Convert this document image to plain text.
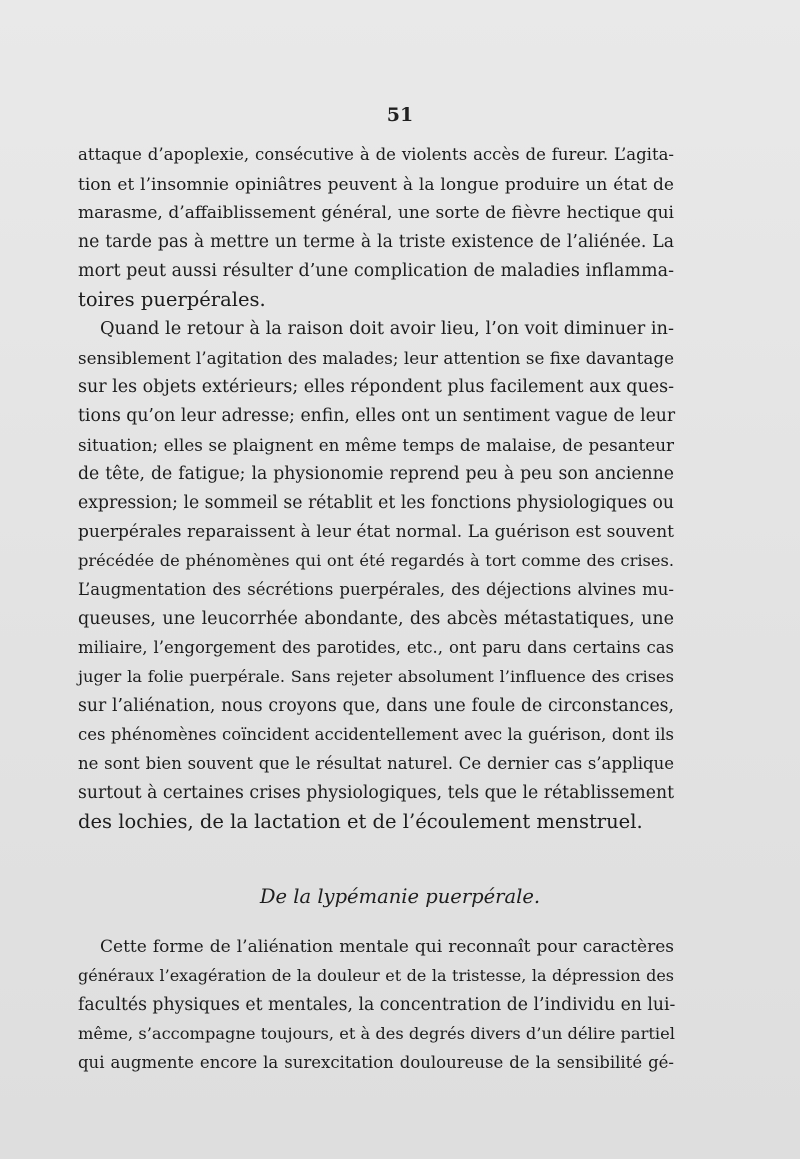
51
attaque d’apoplexie, consécutive à de violents accès de fureur. L’agita-
tion et l’insomnie opiniâtres peuvent à la longue produire un état de
marasme, d’affaiblissement général, une sorte de fièvre hectique qui
ne tarde pas à mettre un terme à la triste existence de l’aliénée. La
mort peut aussi résulter d’une complication de maladies inflamma-
toires puerpérales.
Quand le retour à la raison doit avoir lieu, l’on voit diminuer in-
sensiblement l’agitation des malades; leur attention se fixe davantage
sur les objets extérieurs; elles répondent plus facilement aux ques-
tions qu’on leur adresse; enfin, elles ont un sentiment vague de leur
situation; elles se plaignent en même temps de malaise, de pesanteur
de tête, de fatigue; la physionomie reprend peu à peu son ancienne
expression; le sommeil se rétablit et les fonctions physiologiques ou
puerpérales reparaissent à leur état normal. La guérison est souvent
précédée de phénomènes qui ont été regardés à tort comme des crises.
L’augmentation des sécrétions puerpérales, des déjections alvines mu-
queuses, une leucorrhée abondante, des abcès métastatiques, une
miliaire, l’engorgement des parotides, etc., ont paru dans certains cas
juger la folie puerpérale. Sans rejeter absolument l’influence des crises
sur l’aliénation, nous croyons que, dans une foule de circonstances,
ces phénomènes coïncident accidentellement avec la guérison, dont ils
ne sont bien souvent que le résultat naturel. Ce dernier cas s’applique
surtout à certaines crises physiologiques, tels que le rétablissement
des lochies, de la lactation et de l’écoulement menstruel.
De la lypémanie puerpérale.
Cette forme de l’aliénation mentale qui reconnaît pour caractères
généraux l’exagération de la douleur et de la tristesse, la dépression des
facultés physiques et mentales, la concentration de l’individu en lui-
même, s’accompagne toujours, et à des degrés divers d’un délire partiel
qui augmente encore la surexcitation douloureuse de la sensibilité gé-
